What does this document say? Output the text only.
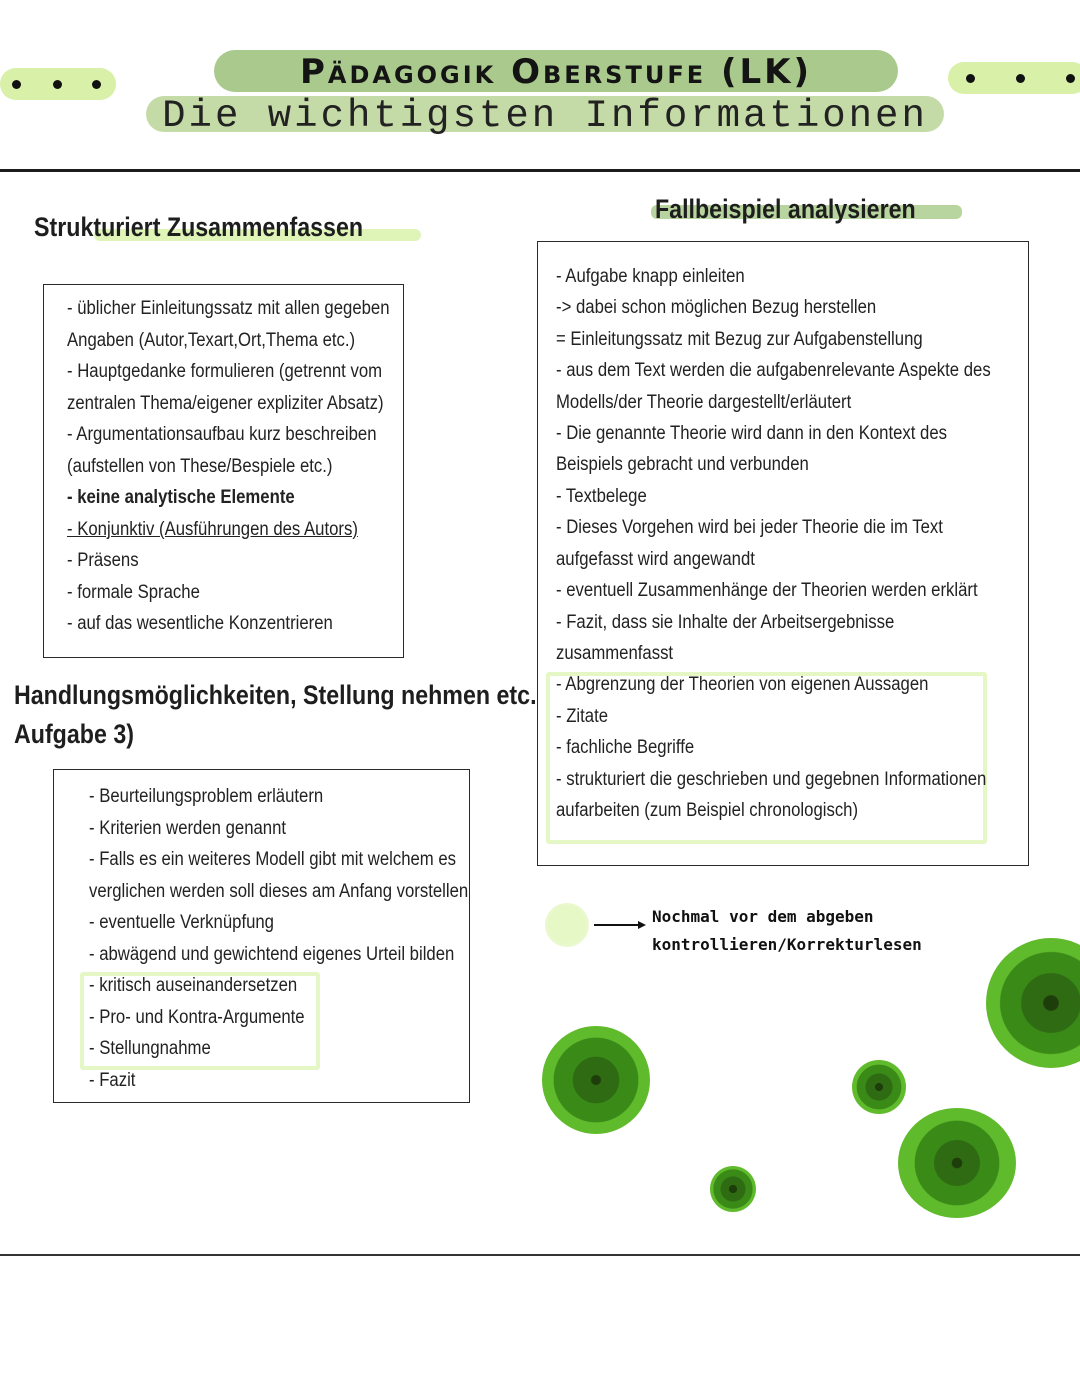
Pädagogik Oberstufe (LK)
Die wichtigsten Informationen
Strukturiert Zusammenfassen
- üblicher Einleitungssatz mit allen gegeben
Angaben (Autor,Texart,Ort,Thema etc.)
- Hauptgedanke formulieren (getrennt vom
zentralen Thema/eigener expliziter Absatz)
- Argumentationsaufbau kurz beschreiben
(aufstellen von These/Bespiele etc.)
- keine analytische Elemente
- Konjunktiv (Ausführungen des Autors)
- Präsens
- formale Sprache
- auf das wesentliche Konzentrieren
Handlungsmöglichkeiten, Stellung nehmen etc.
Aufgabe 3)
- Beurteilungsproblem erläutern
- Kriterien werden genannt
- Falls es ein weiteres Modell gibt mit welchem es
verglichen werden soll dieses am Anfang vorstellen
- eventuelle Verknüpfung
- abwägend und gewichtend eigenes Urteil bilden
- kritisch auseinandersetzen
- Pro- und Kontra-Argumente
- Stellungnahme
- Fazit
Fallbeispiel analysieren
- Aufgabe knapp einleiten
-> dabei schon möglichen Bezug herstellen
= Einleitungssatz mit Bezug zur Aufgabenstellung
- aus dem Text werden die aufgabenrelevante Aspekte des
Modells/der Theorie dargestellt/erläutert
- Die genannte Theorie wird dann in den Kontext des
Beispiels gebracht und verbunden
- Textbelege
- Dieses Vorgehen wird bei jeder Theorie die im Text
aufgefasst wird angewandt
- eventuell Zusammenhänge der Theorien werden erklärt
- Fazit, dass sie Inhalte der Arbeitsergebnisse
zusammenfasst
- Abgrenzung der Theorien von eigenen Aussagen
- Zitate
- fachliche Begriffe
- strukturiert die geschrieben und gegebnen Informationen
aufarbeiten (zum Beispiel chronologisch)
Nochmal vor dem abgeben
kontrollieren/Korrekturlesen
